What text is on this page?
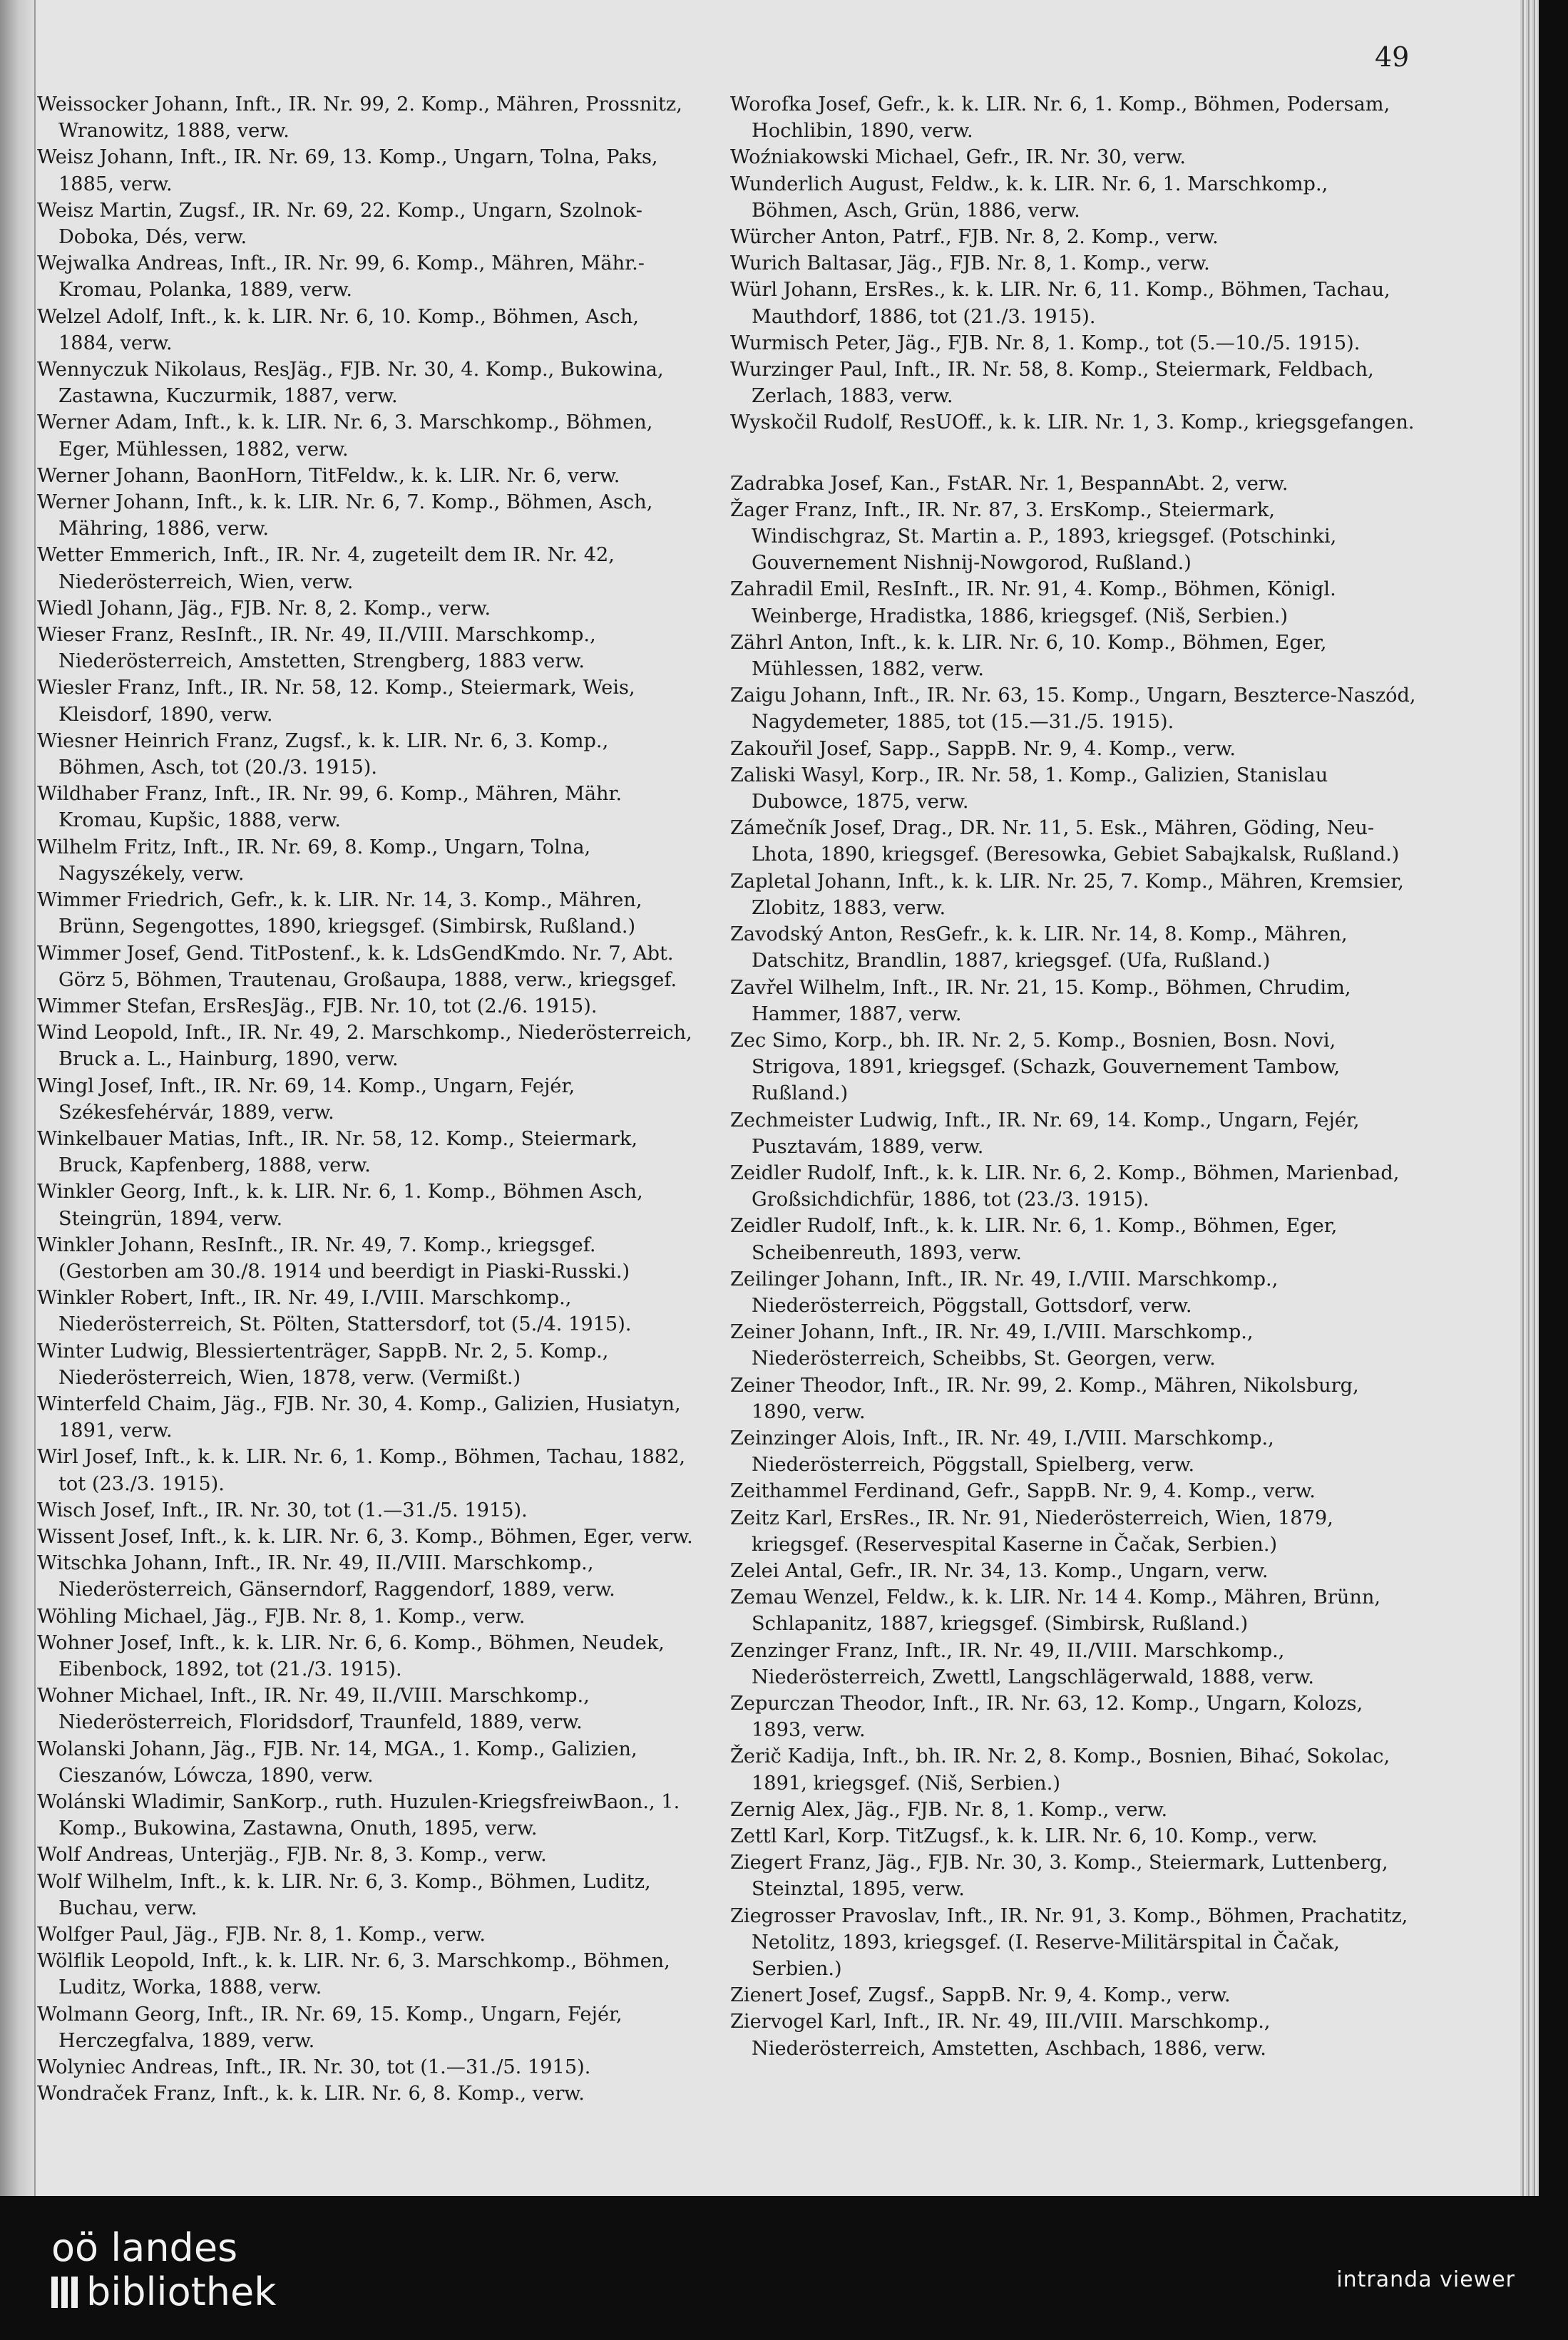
49
Weissocker Johann, Inft., IR. Nr. 99, 2. Komp., Mähren, Prossnitz, Wranowitz, 1888, verw.
Weisz Johann, Inft., IR. Nr. 69, 13. Komp., Ungarn, Tolna, Paks, 1885, verw.
Weisz Martin, Zugsf., IR. Nr. 69, 22. Komp., Ungarn, Szolnok-Doboka, Dés, verw.
Wejwalka Andreas, Inft., IR. Nr. 99, 6. Komp., Mähren, Mähr.-Kromau, Polanka, 1889, verw.
Welzel Adolf, Inft., k. k. LIR. Nr. 6, 10. Komp., Böhmen, Asch, 1884, verw.
Wennyczuk Nikolaus, ResJäg., FJB. Nr. 30, 4. Komp., Bukowina, Zastawna, Kuczurmik, 1887, verw.
Werner Adam, Inft., k. k. LIR. Nr. 6, 3. Marschkomp., Böhmen, Eger, Mühlessen, 1882, verw.
Werner Johann, BaonHorn, TitFeldw., k. k. LIR. Nr. 6, verw.
Werner Johann, Inft., k. k. LIR. Nr. 6, 7. Komp., Böhmen, Asch, Mähring, 1886, verw.
Wetter Emmerich, Inft., IR. Nr. 4, zugeteilt dem IR. Nr. 42, Niederösterreich, Wien, verw.
Wiedl Johann, Jäg., FJB. Nr. 8, 2. Komp., verw.
Wieser Franz, ResInft., IR. Nr. 49, II./VIII. Marschkomp., Niederösterreich, Amstetten, Strengberg, 1883 verw.
Wiesler Franz, Inft., IR. Nr. 58, 12. Komp., Steiermark, Weis, Kleisdorf, 1890, verw.
Wiesner Heinrich Franz, Zugsf., k. k. LIR. Nr. 6, 3. Komp., Böhmen, Asch, tot (20./3. 1915).
Wildhaber Franz, Inft., IR. Nr. 99, 6. Komp., Mähren, Mähr. Kromau, Kupšic, 1888, verw.
Wilhelm Fritz, Inft., IR. Nr. 69, 8. Komp., Ungarn, Tolna, Nagyszékely, verw.
Wimmer Friedrich, Gefr., k. k. LIR. Nr. 14, 3. Komp., Mähren, Brünn, Segengottes, 1890, kriegsgef. (Simbirsk, Rußland.)
Wimmer Josef, Gend. TitPostenf., k. k. LdsGendKmdo. Nr. 7, Abt. Görz 5, Böhmen, Trautenau, Großaupa, 1888, verw., kriegsgef.
Wimmer Stefan, ErsResJäg., FJB. Nr. 10, tot (2./6. 1915).
Wind Leopold, Inft., IR. Nr. 49, 2. Marschkomp., Niederösterreich, Bruck a. L., Hainburg, 1890, verw.
Wingl Josef, Inft., IR. Nr. 69, 14. Komp., Ungarn, Fejér, Székesfehérvár, 1889, verw.
Winkelbauer Matias, Inft., IR. Nr. 58, 12. Komp., Steiermark, Bruck, Kapfenberg, 1888, verw.
Winkler Georg, Inft., k. k. LIR. Nr. 6, 1. Komp., Böhmen Asch, Steingrün, 1894, verw.
Winkler Johann, ResInft., IR. Nr. 49, 7. Komp., kriegsgef. (Gestorben am 30./8. 1914 und beerdigt in Piaski-Russki.)
Winkler Robert, Inft., IR. Nr. 49, I./VIII. Marschkomp., Niederösterreich, St. Pölten, Stattersdorf, tot (5./4. 1915).
Winter Ludwig, Blessiertenträger, SappB. Nr. 2, 5. Komp., Niederösterreich, Wien, 1878, verw. (Vermißt.)
Winterfeld Chaim, Jäg., FJB. Nr. 30, 4. Komp., Galizien, Husiatyn, 1891, verw.
Wirl Josef, Inft., k. k. LIR. Nr. 6, 1. Komp., Böhmen, Tachau, 1882, tot (23./3. 1915).
Wisch Josef, Inft., IR. Nr. 30, tot (1.—31./5. 1915).
Wissent Josef, Inft., k. k. LIR. Nr. 6, 3. Komp., Böhmen, Eger, verw.
Witschka Johann, Inft., IR. Nr. 49, II./VIII. Marschkomp., Niederösterreich, Gänserndorf, Raggendorf, 1889, verw.
Wöhling Michael, Jäg., FJB. Nr. 8, 1. Komp., verw.
Wohner Josef, Inft., k. k. LIR. Nr. 6, 6. Komp., Böhmen, Neudek, Eibenbock, 1892, tot (21./3. 1915).
Wohner Michael, Inft., IR. Nr. 49, II./VIII. Marschkomp., Niederösterreich, Floridsdorf, Traunfeld, 1889, verw.
Wolanski Johann, Jäg., FJB. Nr. 14, MGA., 1. Komp., Galizien, Cieszanów, Lówcza, 1890, verw.
Wolánski Wladimir, SanKorp., ruth. Huzulen-KriegsfreiwBaon., 1. Komp., Bukowina, Zastawna, Onuth, 1895, verw.
Wolf Andreas, Unterjäg., FJB. Nr. 8, 3. Komp., verw.
Wolf Wilhelm, Inft., k. k. LIR. Nr. 6, 3. Komp., Böhmen, Luditz, Buchau, verw.
Wolfger Paul, Jäg., FJB. Nr. 8, 1. Komp., verw.
Wölflik Leopold, Inft., k. k. LIR. Nr. 6, 3. Marschkomp., Böhmen, Luditz, Worka, 1888, verw.
Wolmann Georg, Inft., IR. Nr. 69, 15. Komp., Ungarn, Fejér, Herczegfalva, 1889, verw.
Wolyniec Andreas, Inft., IR. Nr. 30, tot (1.—31./5. 1915).
Wondraček Franz, Inft., k. k. LIR. Nr. 6, 8. Komp., verw.
Worofka Josef, Gefr., k. k. LIR. Nr. 6, 1. Komp., Böhmen, Podersam, Hochlibin, 1890, verw.
Woźniakowski Michael, Gefr., IR. Nr. 30, verw.
Wunderlich August, Feldw., k. k. LIR. Nr. 6, 1. Marschkomp., Böhmen, Asch, Grün, 1886, verw.
Würcher Anton, Patrf., FJB. Nr. 8, 2. Komp., verw.
Wurich Baltasar, Jäg., FJB. Nr. 8, 1. Komp., verw.
Würl Johann, ErsRes., k. k. LIR. Nr. 6, 11. Komp., Böhmen, Tachau, Mauthdorf, 1886, tot (21./3. 1915).
Wurmisch Peter, Jäg., FJB. Nr. 8, 1. Komp., tot (5.—10./5. 1915).
Wurzinger Paul, Inft., IR. Nr. 58, 8. Komp., Steiermark, Feldbach, Zerlach, 1883, verw.
Wyskočil Rudolf, ResUOff., k. k. LIR. Nr. 1, 3. Komp., kriegsgefangen.
Zadrabka Josef, Kan., FstAR. Nr. 1, BespannAbt. 2, verw.
Žager Franz, Inft., IR. Nr. 87, 3. ErsKomp., Steiermark, Windischgraz, St. Martin a. P., 1893, kriegsgef. (Potschinki, Gouvernement Nishnij-Nowgorod, Rußland.)
Zahradil Emil, ResInft., IR. Nr. 91, 4. Komp., Böhmen, Königl. Weinberge, Hradistka, 1886, kriegsgef. (Niš, Serbien.)
Zährl Anton, Inft., k. k. LIR. Nr. 6, 10. Komp., Böhmen, Eger, Mühlessen, 1882, verw.
Zaigu Johann, Inft., IR. Nr. 63, 15. Komp., Ungarn, Beszterce-Naszód, Nagydemeter, 1885, tot (15.—31./5. 1915).
Zakouřil Josef, Sapp., SappB. Nr. 9, 4. Komp., verw.
Zaliski Wasyl, Korp., IR. Nr. 58, 1. Komp., Galizien, Stanislau Dubowce, 1875, verw.
Zámečník Josef, Drag., DR. Nr. 11, 5. Esk., Mähren, Göding, Neu-Lhota, 1890, kriegsgef. (Beresowka, Gebiet Sabajkalsk, Rußland.)
Zapletal Johann, Inft., k. k. LIR. Nr. 25, 7. Komp., Mähren, Kremsier, Zlobitz, 1883, verw.
Zavodský Anton, ResGefr., k. k. LIR. Nr. 14, 8. Komp., Mähren, Datschitz, Brandlin, 1887, kriegsgef. (Ufa, Rußland.)
Zavřel Wilhelm, Inft., IR. Nr. 21, 15. Komp., Böhmen, Chrudim, Hammer, 1887, verw.
Zec Simo, Korp., bh. IR. Nr. 2, 5. Komp., Bosnien, Bosn. Novi, Strigova, 1891, kriegsgef. (Schazk, Gouvernement Tambow, Rußland.)
Zechmeister Ludwig, Inft., IR. Nr. 69, 14. Komp., Ungarn, Fejér, Pusztavám, 1889, verw.
Zeidler Rudolf, Inft., k. k. LIR. Nr. 6, 2. Komp., Böhmen, Marienbad, Großsichdichfür, 1886, tot (23./3. 1915).
Zeidler Rudolf, Inft., k. k. LIR. Nr. 6, 1. Komp., Böhmen, Eger, Scheibenreuth, 1893, verw.
Zeilinger Johann, Inft., IR. Nr. 49, I./VIII. Marschkomp., Niederösterreich, Pöggstall, Gottsdorf, verw.
Zeiner Johann, Inft., IR. Nr. 49, I./VIII. Marschkomp., Niederösterreich, Scheibbs, St. Georgen, verw.
Zeiner Theodor, Inft., IR. Nr. 99, 2. Komp., Mähren, Nikolsburg, 1890, verw.
Zeinzinger Alois, Inft., IR. Nr. 49, I./VIII. Marschkomp., Niederösterreich, Pöggstall, Spielberg, verw.
Zeithammel Ferdinand, Gefr., SappB. Nr. 9, 4. Komp., verw.
Zeitz Karl, ErsRes., IR. Nr. 91, Niederösterreich, Wien, 1879, kriegsgef. (Reservespital Kaserne in Čačak, Serbien.)
Zelei Antal, Gefr., IR. Nr. 34, 13. Komp., Ungarn, verw.
Zemau Wenzel, Feldw., k. k. LIR. Nr. 14 4. Komp., Mähren, Brünn, Schlapanitz, 1887, kriegsgef. (Simbirsk, Rußland.)
Zenzinger Franz, Inft., IR. Nr. 49, II./VIII. Marschkomp., Niederösterreich, Zwettl, Langschlägerwald, 1888, verw.
Zepurczan Theodor, Inft., IR. Nr. 63, 12. Komp., Ungarn, Kolozs, 1893, verw.
Žerič Kadija, Inft., bh. IR. Nr. 2, 8. Komp., Bosnien, Bihać, Sokolac, 1891, kriegsgef. (Niš, Serbien.)
Zernig Alex, Jäg., FJB. Nr. 8, 1. Komp., verw.
Zettl Karl, Korp. TitZugsf., k. k. LIR. Nr. 6, 10. Komp., verw.
Ziegert Franz, Jäg., FJB. Nr. 30, 3. Komp., Steiermark, Luttenberg, Steinztal, 1895, verw.
Ziegrosser Pravoslav, Inft., IR. Nr. 91, 3. Komp., Böhmen, Prachatitz, Netolitz, 1893, kriegsgef. (I. Reserve-Militärspital in Čačak, Serbien.)
Zienert Josef, Zugsf., SappB. Nr. 9, 4. Komp., verw.
Ziervogel Karl, Inft., IR. Nr. 49, III./VIII. Marschkomp., Niederösterreich, Amstetten, Aschbach, 1886, verw.
oö landes
bibliothek	intranda viewer
